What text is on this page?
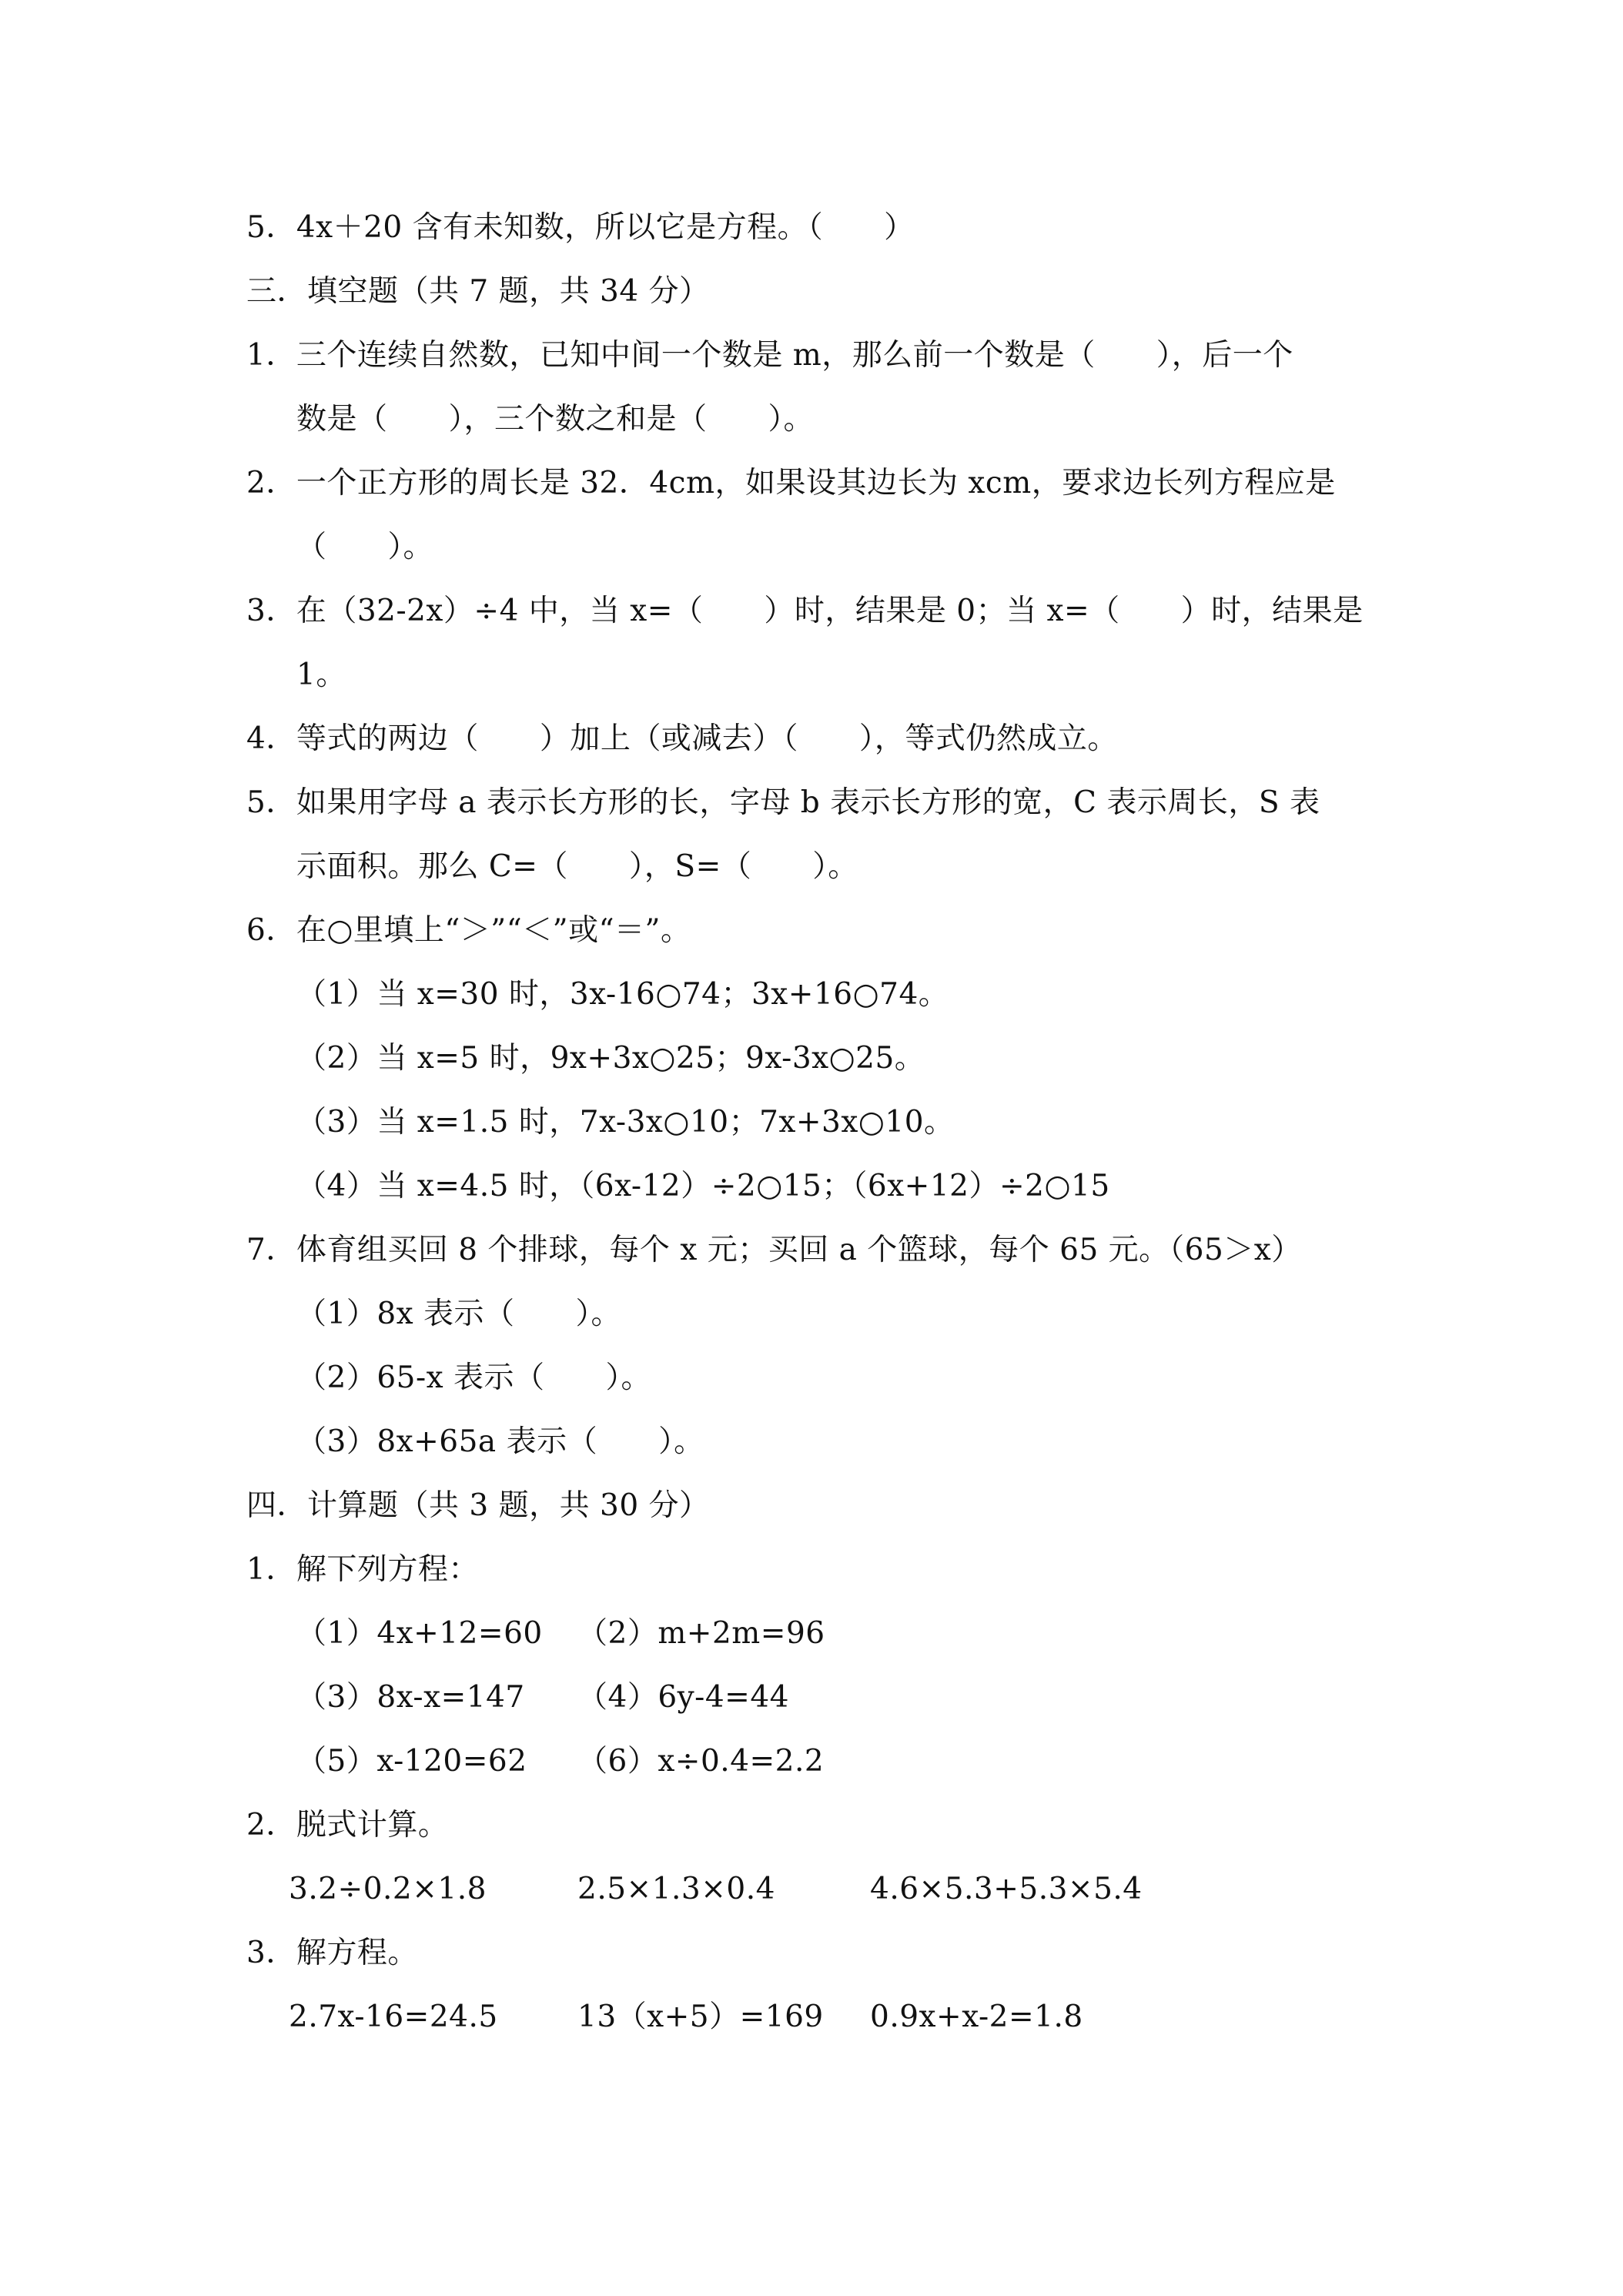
5．4x＋20 含有未知数，所以它是方程。（　　）
三．填空题（共 7 题，共 34 分）
1．三个连续自然数，已知中间一个数是 m，那么前一个数是（　　），后一个
数是（　　），三个数之和是（　　）。
2．一个正方形的周长是 32．4cm，如果设其边长为 xcm，要求边长列方程应是
（　　）。
3．在（32-2x）÷4 中，当 x=（　　）时，结果是 0；当 x=（　　）时，结果是
1。
4．等式的两边（　　）加上（或减去）（　　），等式仍然成立。
5．如果用字母 a 表示长方形的长，字母 b 表示长方形的宽，C 表示周长，S 表
示面积。那么 C=（　　），S=（　　）。
6．在○里填上“＞”“＜”或“＝”。
（1）当 x=30 时，3x-16○74；3x+16○74。
（2）当 x=5 时，9x+3x○25；9x-3x○25。
（3）当 x=1.5 时，7x-3x○10；7x+3x○10。
（4）当 x=4.5 时，（6x-12）÷2○15；（6x+12）÷2○15
7．体育组买回 8 个排球，每个 x 元；买回 a 个篮球，每个 65 元。（65＞x）
（1）8x 表示（　　）。
（2）65-x 表示（　　）。
（3）8x+65a 表示（　　）。
四．计算题（共 3 题，共 30 分）
1．解下列方程：
（1）4x+12=60 （2）m+2m=96
（3）8x-x=147 （4）6y-4=44
（5）x-120=62 （6）x÷0.4=2.2
2．脱式计算。
3.2÷0.2×1.8	2.5×1.3×0.4	4.6×5.3+5.3×5.4
3．解方程。
2.7x-16=24.5	13（x+5）=169 0.9x+x-2=1.8
